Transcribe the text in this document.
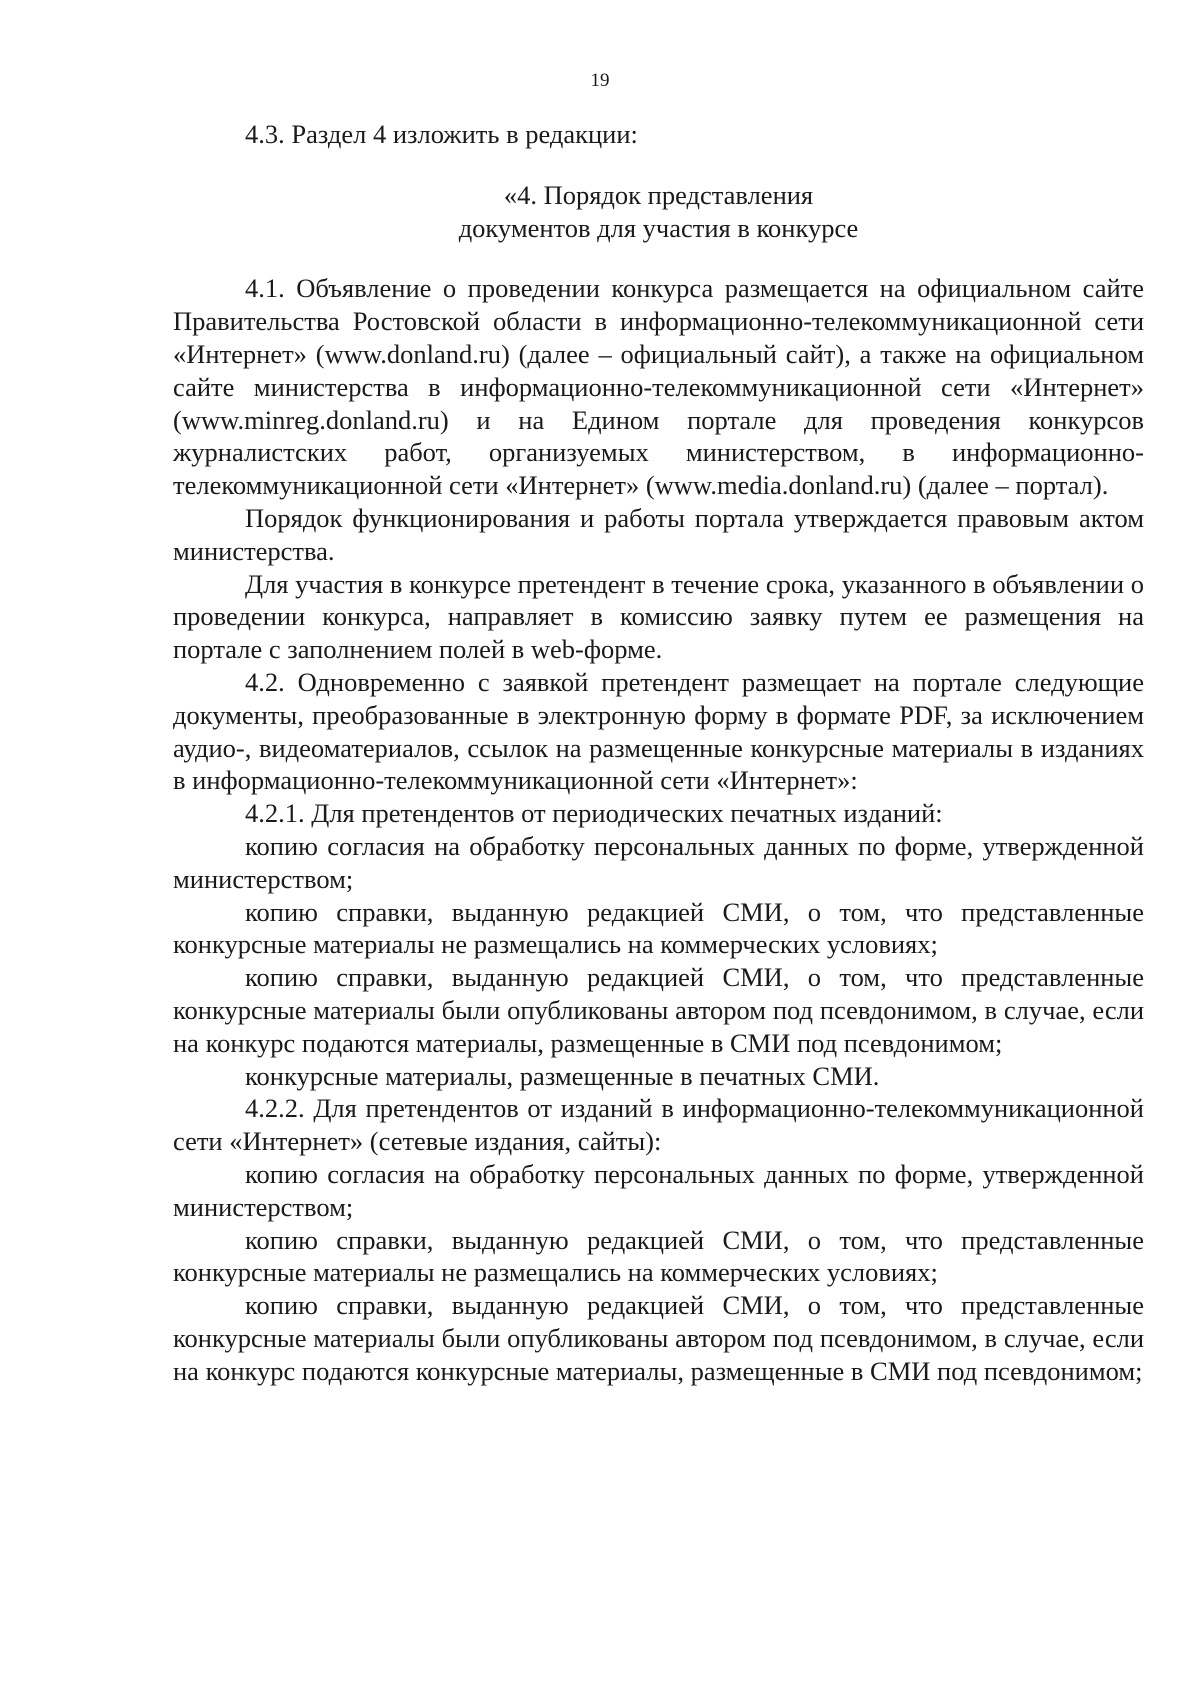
19

4.3. Раздел 4 изложить в редакции:

«4. Порядок представления
документов для участия в конкурсе

4.1. Объявление о проведении конкурса размещается на официальном сайте Правительства Ростовской области в информационно-телекоммуникационной сети «Интернет» (www.donland.ru) (далее – официальный сайт), а также на официальном сайте министерства в информационно-телекоммуникационной сети «Интернет» (www.minreg.donland.ru) и на Едином портале для проведения конкурсов журналистских работ, организуемых министерством, в информационно-телекоммуникационной сети «Интернет» (www.media.donland.ru) (далее – портал).

Порядок функционирования и работы портала утверждается правовым актом министерства.

Для участия в конкурсе претендент в течение срока, указанного в объявлении о проведении конкурса, направляет в комиссию заявку путем ее размещения на портале с заполнением полей в web-форме.

4.2. Одновременно с заявкой претендент размещает на портале следующие документы, преобразованные в электронную форму в формате PDF, за исключением аудио-, видеоматериалов, ссылок на размещенные конкурсные материалы в изданиях в информационно-телекоммуникационной сети «Интернет»:

4.2.1. Для претендентов от периодических печатных изданий:

копию согласия на обработку персональных данных по форме, утвержденной министерством;

копию справки, выданную редакцией СМИ, о том, что представленные конкурсные материалы не размещались на коммерческих условиях;

копию справки, выданную редакцией СМИ, о том, что представленные конкурсные материалы были опубликованы автором под псевдонимом, в случае, если на конкурс подаются материалы, размещенные в СМИ под псевдонимом;

конкурсные материалы, размещенные в печатных СМИ.

4.2.2. Для претендентов от изданий в информационно-телекоммуникационной сети «Интернет» (сетевые издания, сайты):

копию согласия на обработку персональных данных по форме, утвержденной министерством;

копию справки, выданную редакцией СМИ, о том, что представленные конкурсные материалы не размещались на коммерческих условиях;

копию справки, выданную редакцией СМИ, о том, что представленные конкурсные материалы были опубликованы автором под псевдонимом, в случае, если на конкурс подаются конкурсные материалы, размещенные в СМИ под псевдонимом;
